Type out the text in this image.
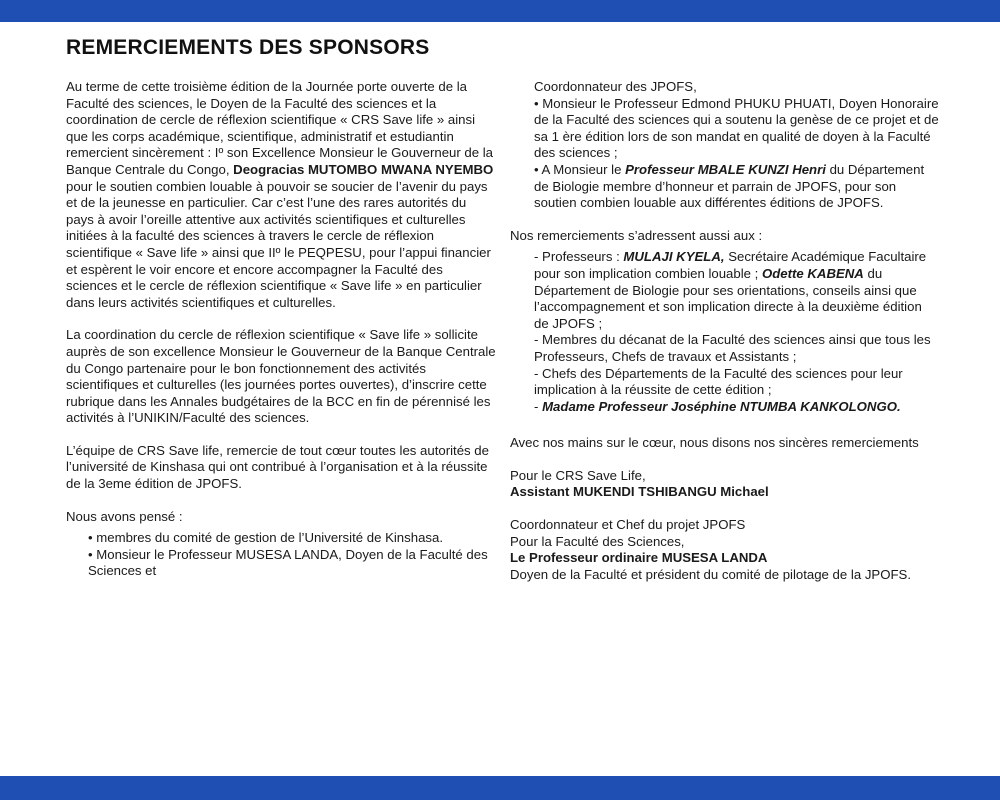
REMERCIEMENTS DES SPONSORS

Au terme de cette troisième édition de la Journée porte ouverte de la Faculté des sciences, le Doyen de la Faculté des sciences et la coordination de cercle de réflexion scientifique « CRS Save life » ainsi que les corps académique, scientifique, administratif et estudiantin remercient sincèrement : Iº son Excellence Monsieur le Gouverneur de la Banque Centrale du Congo, Deogracias MUTOMBO MWANA NYEMBO pour le soutien combien louable à pouvoir se soucier de l’avenir du pays et de la jeunesse en particulier. Car c’est l’une des rares autorités du pays à avoir l’oreille attentive aux activités scientifiques et culturelles initiées à la faculté des sciences à travers le cercle de réflexion scientifique « Save life » ainsi que IIº le PEQPESU, pour l’appui financier et espèrent le voir encore et encore accompagner la Faculté des sciences et le cercle de réflexion scientifique « Save life » en particulier dans leurs activités scientifiques et culturelles.

La coordination du cercle de réflexion scientifique « Save life » sollicite auprès de son excellence Monsieur le Gouverneur de la Banque Centrale du Congo partenaire pour le bon fonctionnement des activités scientifiques et culturelles (les journées portes ouvertes), d’inscrire cette rubrique dans les Annales budgétaires de la BCC en fin de pérennisé les activités à l’UNIKIN/Faculté des sciences.

L’équipe de CRS Save life, remercie de tout cœur toutes les autorités de l’université de Kinshasa qui ont contribué à l’organisation et à la réussite de la 3eme édition de JPOFS.

Nous avons pensé :

• membres du comité de gestion de l’Université de Kinshasa.

• Monsieur le Professeur MUSESA LANDA, Doyen de la Faculté des Sciences et

Coordonnateur des JPOFS,

• Monsieur le Professeur Edmond PHUKU PHUATI, Doyen Honoraire de la Faculté des sciences qui a soutenu la genèse de ce projet et de sa 1 ère édition lors de son mandat en qualité de doyen à la Faculté des sciences ;

• A Monsieur le Professeur MBALE KUNZI Henri du Département de Biologie membre d’honneur et parrain de JPOFS, pour son soutien combien louable aux différentes éditions de JPOFS.

Nos remerciements s’adressent aussi aux :

- Professeurs : MULAJI KYELA, Secrétaire Académique Facultaire pour son implication combien louable ; Odette KABENA du Département de Biologie pour ses orientations, conseils ainsi que l’accompagnement et son implication directe à la deuxième édition de JPOFS ;

- Membres du décanat de la Faculté des sciences ainsi que tous les Professeurs, Chefs de travaux et Assistants ;

- Chefs des Départements de la Faculté des sciences pour leur implication à la réussite de cette édition ;

- Madame Professeur Joséphine NTUMBA KANKOLONGO.

Avec nos mains sur le cœur, nous disons nos sincères remerciements

Pour le CRS Save Life,

Assistant MUKENDI TSHIBANGU Michael

Coordonnateur et Chef du projet JPOFS

Pour la Faculté des Sciences,

Le Professeur ordinaire MUSESA LANDA

Doyen de la Faculté et président du comité de pilotage de la JPOFS.
